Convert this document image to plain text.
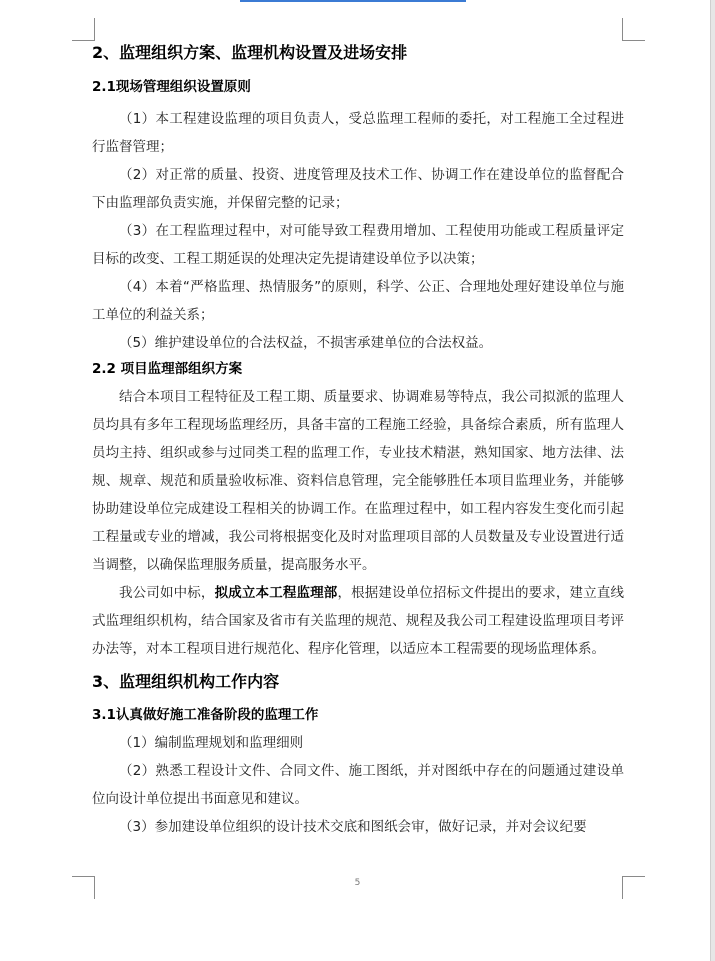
2、监理组织方案、监理机构设置及进场安排

2.1现场管理组织设置原则

（1）本工程建设监理的项目负责人，受总监理工程师的委托，对工程施工全过程进行监督管理；

（2）对正常的质量、投资、进度管理及技术工作、协调工作在建设单位的监督配合下由监理部负责实施，并保留完整的记录；

（3）在工程监理过程中，对可能导致工程费用增加、工程使用功能或工程质量评定目标的改变、工程工期延误的处理决定先提请建设单位予以决策；

（4）本着“严格监理、热情服务”的原则，科学、公正、合理地处理好建设单位与施工单位的利益关系；

（5）维护建设单位的合法权益，不损害承建单位的合法权益。

2.2 项目监理部组织方案

结合本项目工程特征及工程工期、质量要求、协调难易等特点，我公司拟派的监理人员均具有多年工程现场监理经历，具备丰富的工程施工经验，具备综合素质，所有监理人员均主持、组织或参与过同类工程的监理工作，专业技术精湛，熟知国家、地方法律、法规、规章、规范和质量验收标准、资料信息管理，完全能够胜任本项目监理业务，并能够协助建设单位完成建设工程相关的协调工作。在监理过程中，如工程内容发生变化而引起工程量或专业的增减，我公司将根据变化及时对监理项目部的人员数量及专业设置进行适当调整，以确保监理服务质量，提高服务水平。

我公司如中标，拟成立本工程监理部，根据建设单位招标文件提出的要求，建立直线式监理组织机构，结合国家及省市有关监理的规范、规程及我公司工程建设监理项目考评办法等，对本工程项目进行规范化、程序化管理，以适应本工程需要的现场监理体系。

3、监理组织机构工作内容

3.1认真做好施工准备阶段的监理工作

（1）编制监理规划和监理细则

（2）熟悉工程设计文件、合同文件、施工图纸，并对图纸中存在的问题通过建设单位向设计单位提出书面意见和建议。

（3）参加建设单位组织的设计技术交底和图纸会审，做好记录，并对会议纪要

5
